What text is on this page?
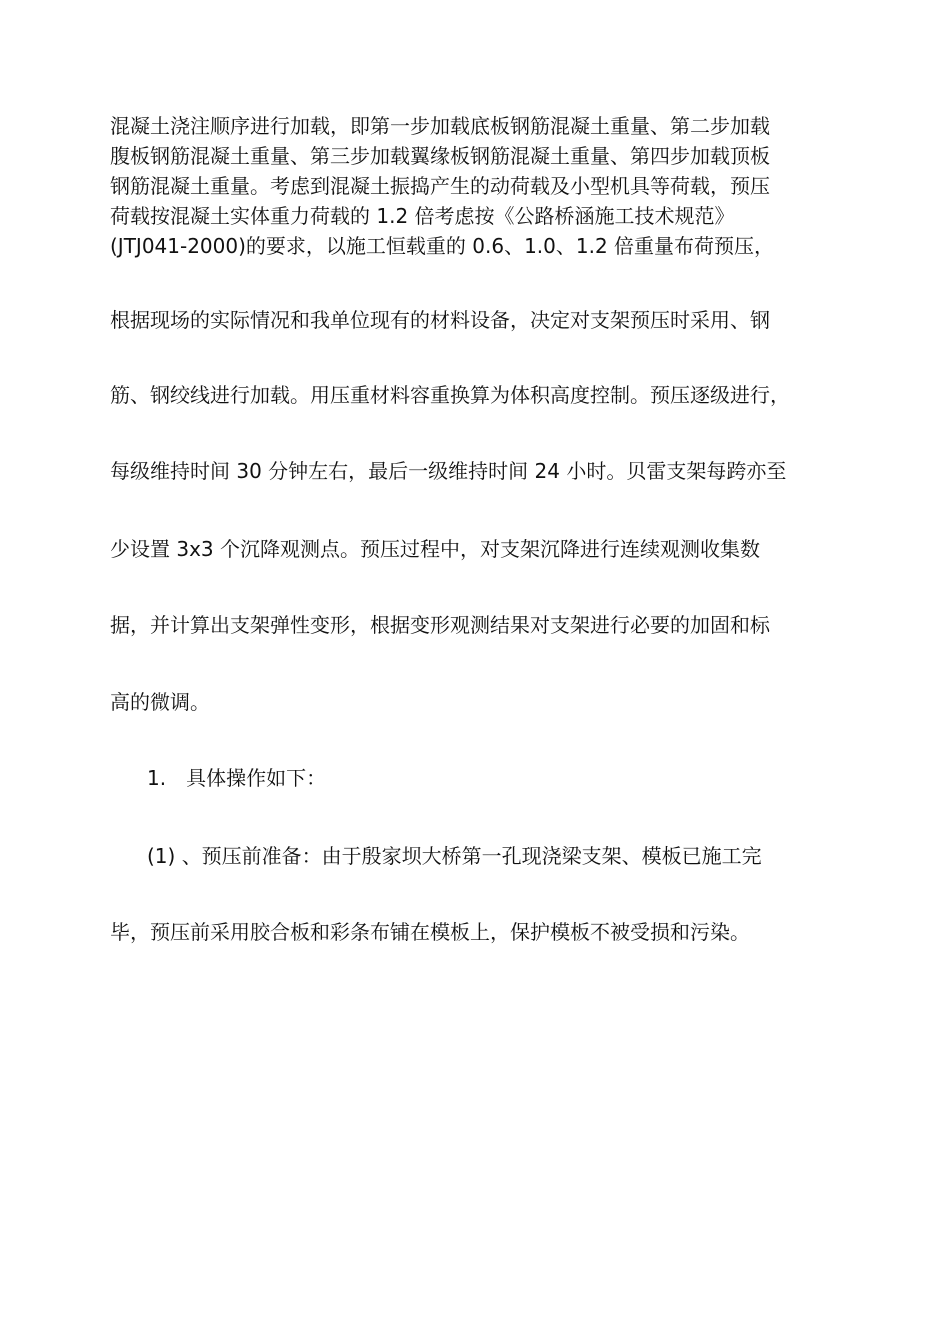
混凝土浇注顺序进行加载，即第一步加载底板钢筋混凝土重量、第二步加载
腹板钢筋混凝土重量、第三步加载翼缘板钢筋混凝土重量、第四步加载顶板
钢筋混凝土重量。考虑到混凝土振捣产生的动荷载及小型机具等荷载，预压
荷载按混凝土实体重力荷载的 1.2 倍考虑按《公路桥涵施工技术规范》
(JTJ041-2000)的要求，以施工恒载重的 0.6、1.0、1.2 倍重量布荷预压，
根据现场的实际情况和我单位现有的材料设备，决定对支架预压时采用、钢
筋、钢绞线进行加载。用压重材料容重换算为体积高度控制。预压逐级进行，
每级维持时间 30 分钟左右，最后一级维持时间 24 小时。贝雷支架每跨亦至
少设置 3x3 个沉降观测点。预压过程中，对支架沉降进行连续观测收集数
据，并计算出支架弹性变形，根据变形观测结果对支架进行必要的加固和标
高的微调。
1.　具体操作如下：
(1) 、预压前准备：由于殷家坝大桥第一孔现浇梁支架、模板已施工完
毕，预压前采用胶合板和彩条布铺在模板上，保护模板不被受损和污染。
